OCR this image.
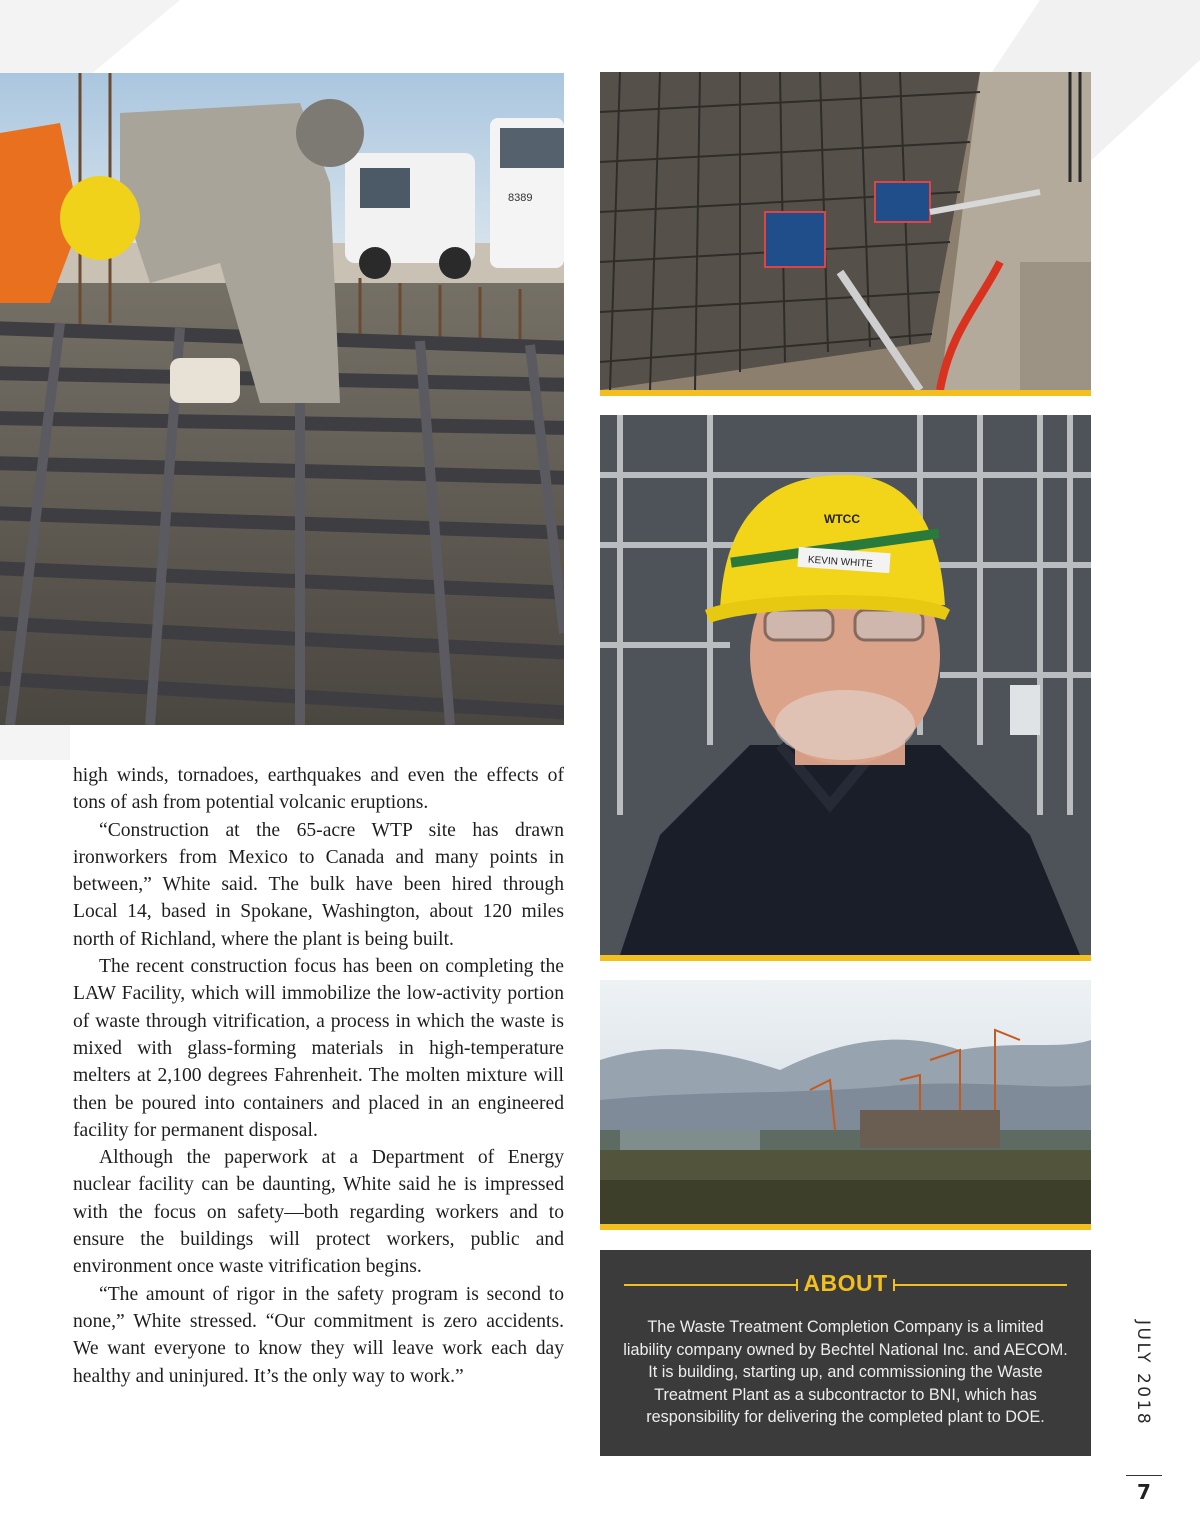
8389
WTCC
KEVIN WHITE

high winds, tornadoes, earthquakes and even the effects of tons of ash from potential volcanic eruptions.

“Construction at the 65-acre WTP site has drawn ironworkers from Mexico to Canada and many points in between,” White said. The bulk have been hired through Local 14, based in Spokane, Washington, about 120 miles north of Richland, where the plant is being built.

The recent construction focus has been on completing the LAW Facility, which will immobilize the low-activity portion of waste through vitrification, a process in which the waste is mixed with glass-forming materials in high-temperature melters at 2,100 degrees Fahrenheit. The molten mixture will then be poured into containers and placed in an engineered facility for permanent disposal.

Although the paperwork at a Department of Energy nuclear facility can be daunting, White said he is impressed with the focus on safety—both regarding workers and to ensure the buildings will protect workers, public and environment once waste vitrification begins.

“The amount of rigor in the safety program is second to none,” White stressed. “Our commitment is zero accidents. We want everyone to know they will leave work each day healthy and uninjured. It’s the only way to work.”

ABOUT
The Waste Treatment Completion Company is a limited liability company owned by Bechtel National Inc. and AECOM. It is building, starting up, and commissioning the Waste Treatment Plant as a subcontractor to BNI, which has responsibility for delivering the completed plant to DOE.	JULY 2018
7
